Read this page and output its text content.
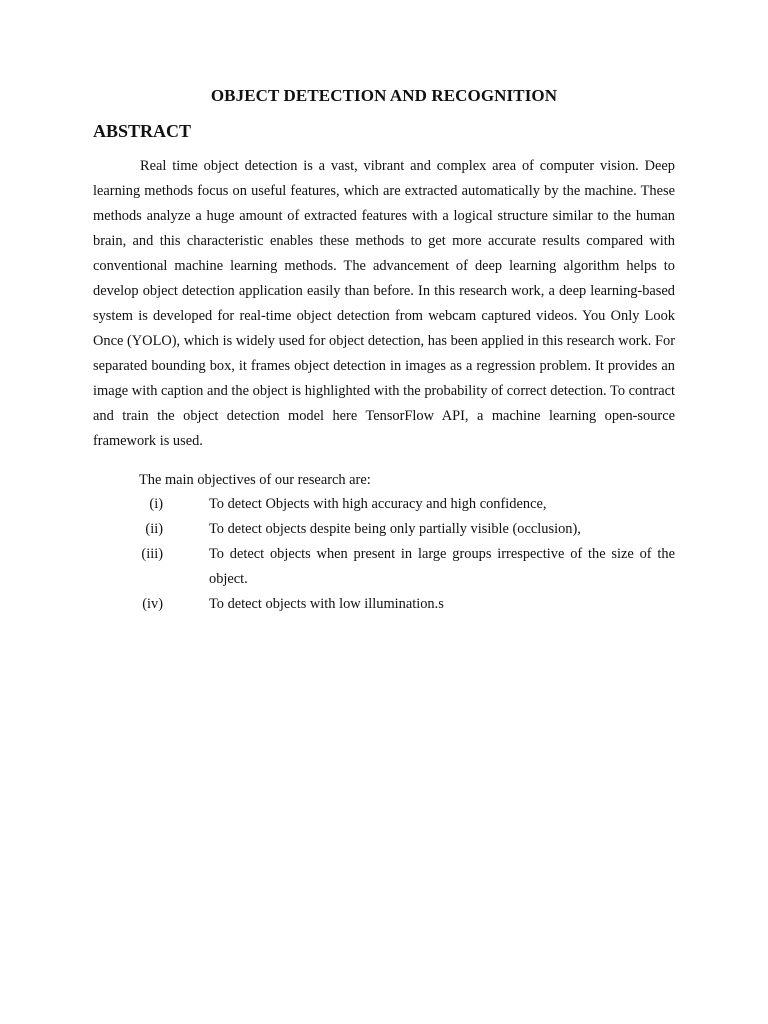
OBJECT DETECTION AND RECOGNITION
ABSTRACT

Real time object detection is a vast, vibrant and complex area of computer vision. Deep learning methods focus on useful features, which are extracted automatically by the machine. These methods analyze a huge amount of extracted features with a logical structure similar to the human brain, and this characteristic enables these methods to get more accurate results compared with conventional machine learning methods. The advancement of deep learning algorithm helps to develop object detection application easily than before. In this research work, a deep learning-based system is developed for real-time object detection from webcam captured videos. You Only Look Once (YOLO), which is widely used for object detection, has been applied in this research work. For separated bounding box, it frames object detection in images as a regression problem. It provides an image with caption and the object is highlighted with the probability of correct detection. To contract and train the object detection model here TensorFlow API, a machine learning open-source framework is used.

The main objectives of our research are:
(i)	To detect Objects with high accuracy and high confidence,
(ii)	To detect objects despite being only partially visible (occlusion),
(iii)	To detect objects when present in large groups irrespective of the size of the object.
(iv)	To detect objects with low illumination.s
